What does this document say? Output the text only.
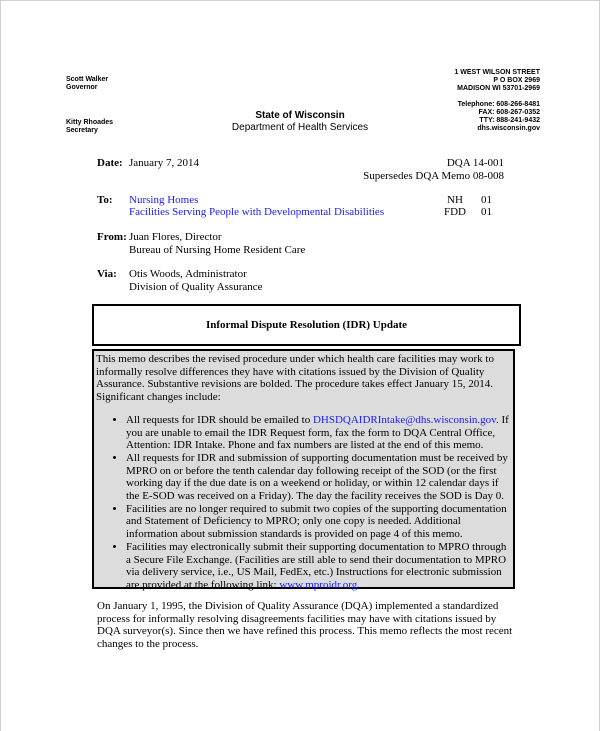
Scott Walker
Governor
Kitty Rhoades
Secretary
State of Wisconsin
Department of Health Services
1 WEST WILSON STREET
P O BOX 2969
MADISON WI 53701-2969
Telephone: 608-266-8481
FAX: 608-267-0352
TTY: 888-241-9432
dhs.wisconsin.gov
Date: January 7, 2014	DQA 14-001
Supersedes DQA Memo 08-008
To: Nursing Homes
Facilities Serving People with Developmental Disabilities
NH 01
FDD 01
From: Juan Flores, Director
Bureau of Nursing Home Resident Care
Via: Otis Woods, Administrator
Division of Quality Assurance
Informal Dispute Resolution (IDR) Update
This memo describes the revised procedure under which health care facilities may work to informally resolve differences they have with citations issued by the Division of Quality Assurance. Substantive revisions are bolded. The procedure takes effect January 15, 2014. Significant changes include:
• All requests for IDR should be emailed to DHSDQAIDRIntake@dhs.wisconsin.gov. If you are unable to email the IDR Request form, fax the form to DQA Central Office, Attention: IDR Intake. Phone and fax numbers are listed at the end of this memo.
• All requests for IDR and submission of supporting documentation must be received by MPRO on or before the tenth calendar day following receipt of the SOD (or the first working day if the due date is on a weekend or holiday, or within 12 calendar days if the E-SOD was received on a Friday). The day the facility receives the SOD is Day 0.
• Facilities are no longer required to submit two copies of the supporting documentation and Statement of Deficiency to MPRO; only one copy is needed. Additional information about submission standards is provided on page 4 of this memo.
• Facilities may electronically submit their supporting documentation to MPRO through a Secure File Exchange. (Facilities are still able to send their documentation to MPRO via delivery service, i.e., US Mail, FedEx, etc.) Instructions for electronic submission are provided at the following link: www.mproidr.org.
On January 1, 1995, the Division of Quality Assurance (DQA) implemented a standardized process for informally resolving disagreements facilities may have with citations issued by DQA surveyor(s). Since then we have refined this process. This memo reflects the most recent changes to the process.
